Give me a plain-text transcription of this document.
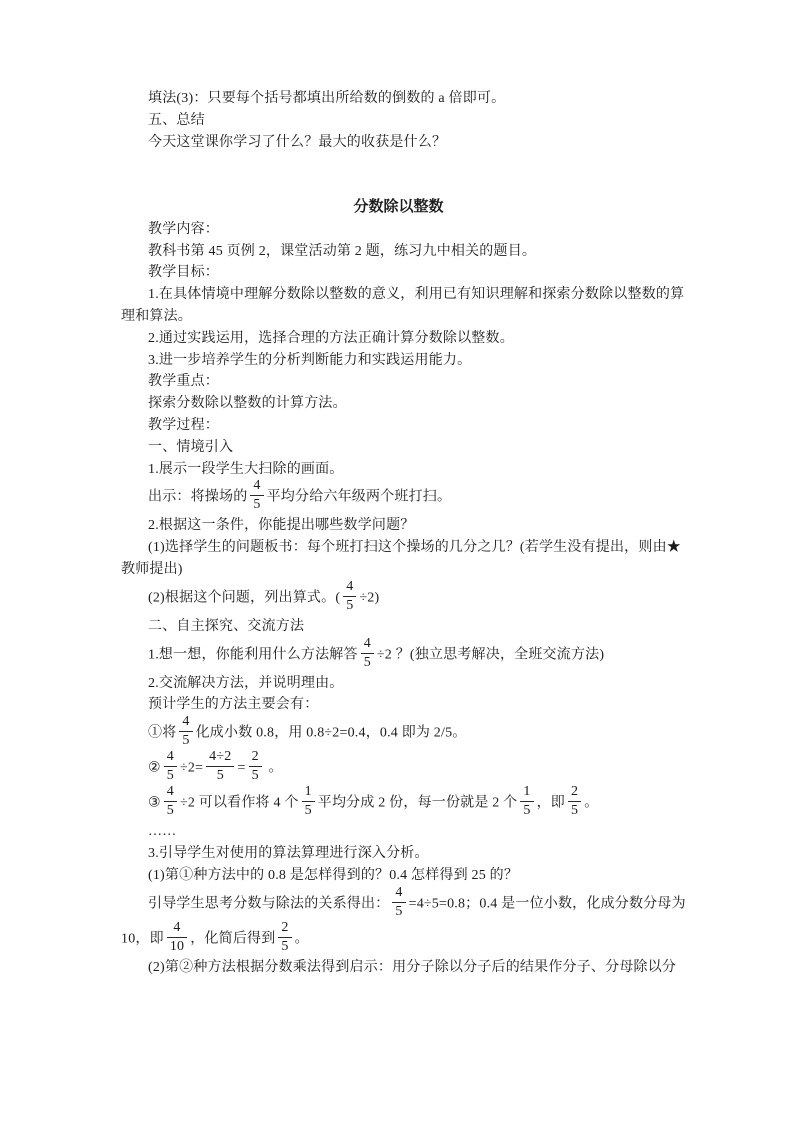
填法(3)：只要每个括号都填出所给数的倒数的 a 倍即可。

五、总结

今天这堂课你学习了什么？最大的收获是什么？

分数除以整数

教学内容：

教科书第 45 页例 2，课堂活动第 2 题，练习九中相关的题目。

教学目标：

1.在具体情境中理解分数除以整数的意义，利用已有知识理解和探索分数除以整数的算

理和算法。

2.通过实践运用，选择合理的方法正确计算分数除以整数。

3.进一步培养学生的分析判断能力和实践运用能力。

教学重点：

探索分数除以整数的计算方法。

教学过程：

一、情境引入

1.展示一段学生大扫除的画面。

出示：将操场的 $\frac{4}{5}$ 平均分给六年级两个班打扫。

2.根据这一条件，你能提出哪些数学问题？

(1)选择学生的问题板书：每个班打扫这个操场的几分之几？(若学生没有提出，则由★

教师提出)

(2)根据这个问题，列出算式。( $\frac{4}{5} \div 2$)

二、自主探究、交流方法

1.想一想，你能利用什么方法解答 $\frac{4}{5} \div 2$ ？(独立思考解决，全班交流方法)

2.交流解决方法，并说明理由。

预计学生的方法主要会有：

①将 $\frac{4}{5}$ 化成小数 0.8，用 0.8÷2=0.4，0.4 即为 2/5。

② $\frac{4}{5} \div 2= \frac{4\div 2}{5} = \frac{2}{5}$ 。

③ $\frac{4}{5} \div 2$ 可以看作将 4 个 $\frac{1}{5}$ 平均分成 2 份，每一份就是 2 个 $\frac{1}{5}$ ，即 $\frac{2}{5}$ 。

……

3.引导学生对使用的算法算理进行深入分析。

(1)第①种方法中的 0.8 是怎样得到的？0.4 怎样得到 25 的？

引导学生思考分数与除法的关系得出： $\frac{4}{5} =4\div 5=0.8$；0.4 是一位小数，化成分数分母为

10，即 $\frac{4}{10}$ ，化简后得到 $\frac{2}{5}$ 。

(2)第②种方法根据分数乘法得到启示：用分子除以分子后的结果作分子、分母除以分
